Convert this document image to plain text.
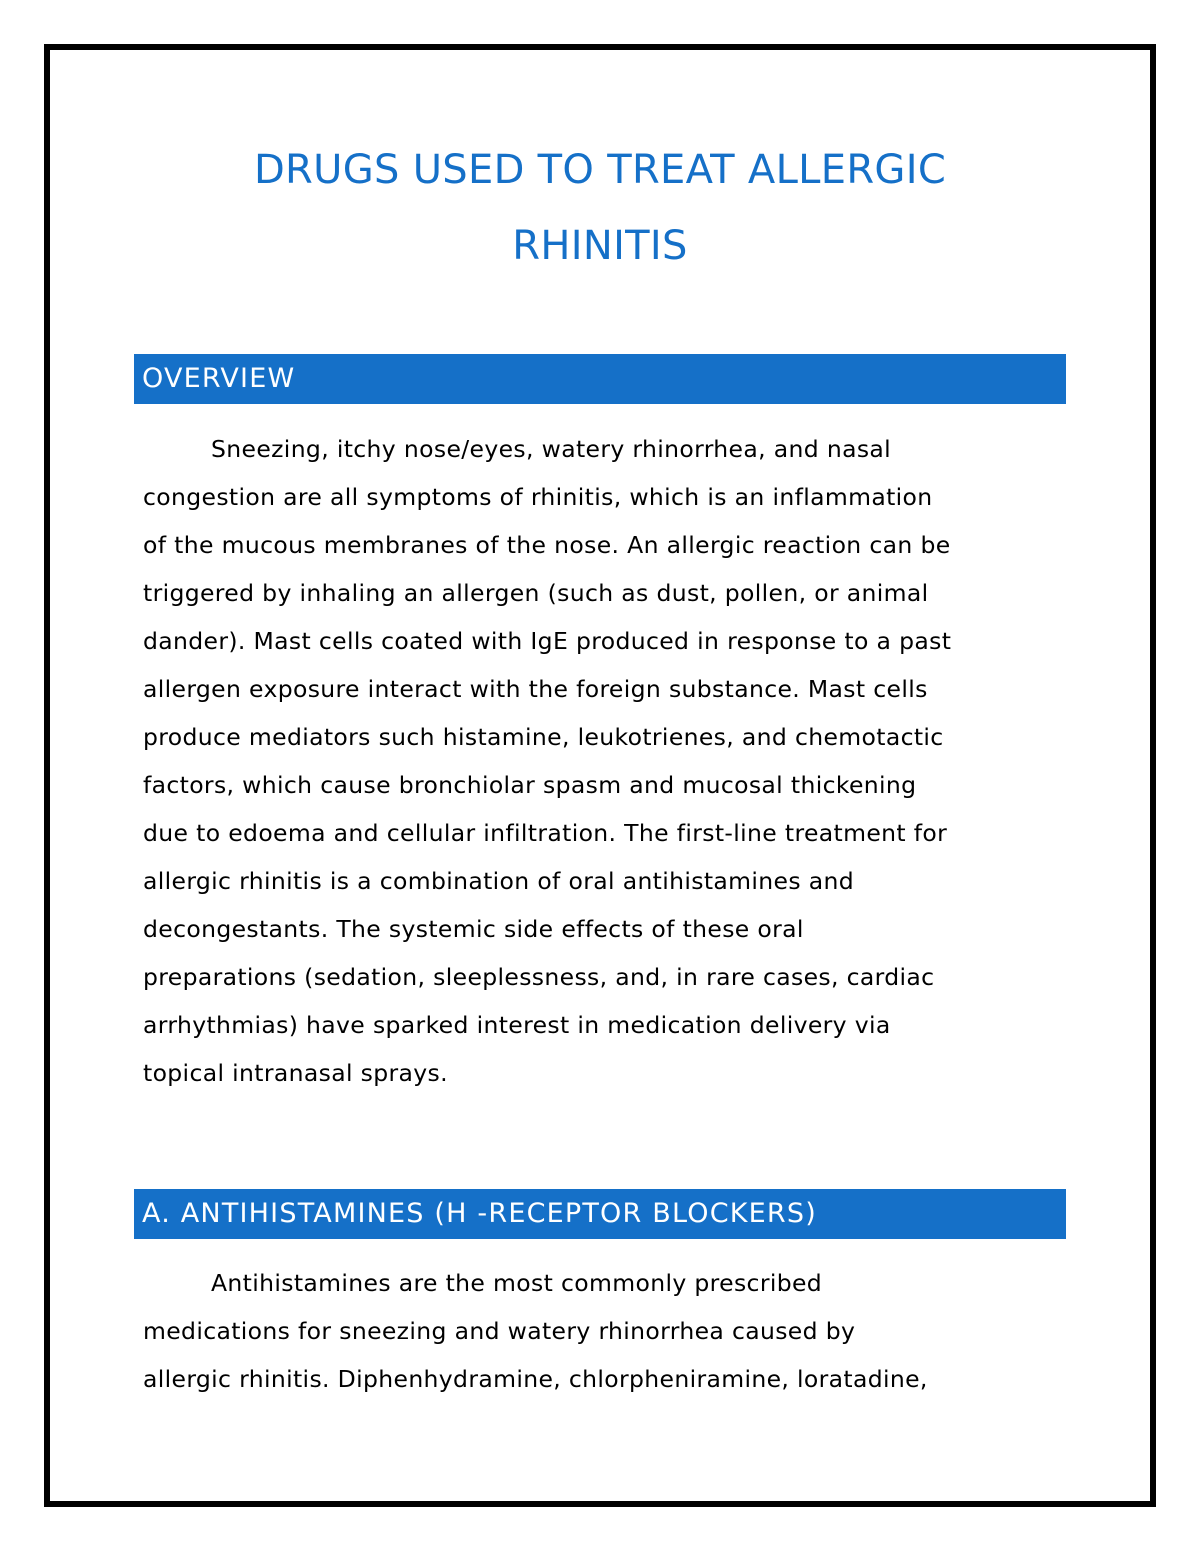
DRUGS USED TO TREAT ALLERGIC
RHINITIS
OVERVIEW
Sneezing, itchy nose/eyes, watery rhinorrhea, and nasal
congestion are all symptoms of rhinitis, which is an inflammation
of the mucous membranes of the nose. An allergic reaction can be
triggered by inhaling an allergen (such as dust, pollen, or animal
dander). Mast cells coated with IgE produced in response to a past
allergen exposure interact with the foreign substance. Mast cells
produce mediators such histamine, leukotrienes, and chemotactic
factors, which cause bronchiolar spasm and mucosal thickening
due to edoema and cellular infiltration. The first-line treatment for
allergic rhinitis is a combination of oral antihistamines and
decongestants. The systemic side effects of these oral
preparations (sedation, sleeplessness, and, in rare cases, cardiac
arrhythmias) have sparked interest in medication delivery via
topical intranasal sprays.
A. ANTIHISTAMINES (H -RECEPTOR BLOCKERS)
Antihistamines are the most commonly prescribed
medications for sneezing and watery rhinorrhea caused by
allergic rhinitis. Diphenhydramine, chlorpheniramine, loratadine,
